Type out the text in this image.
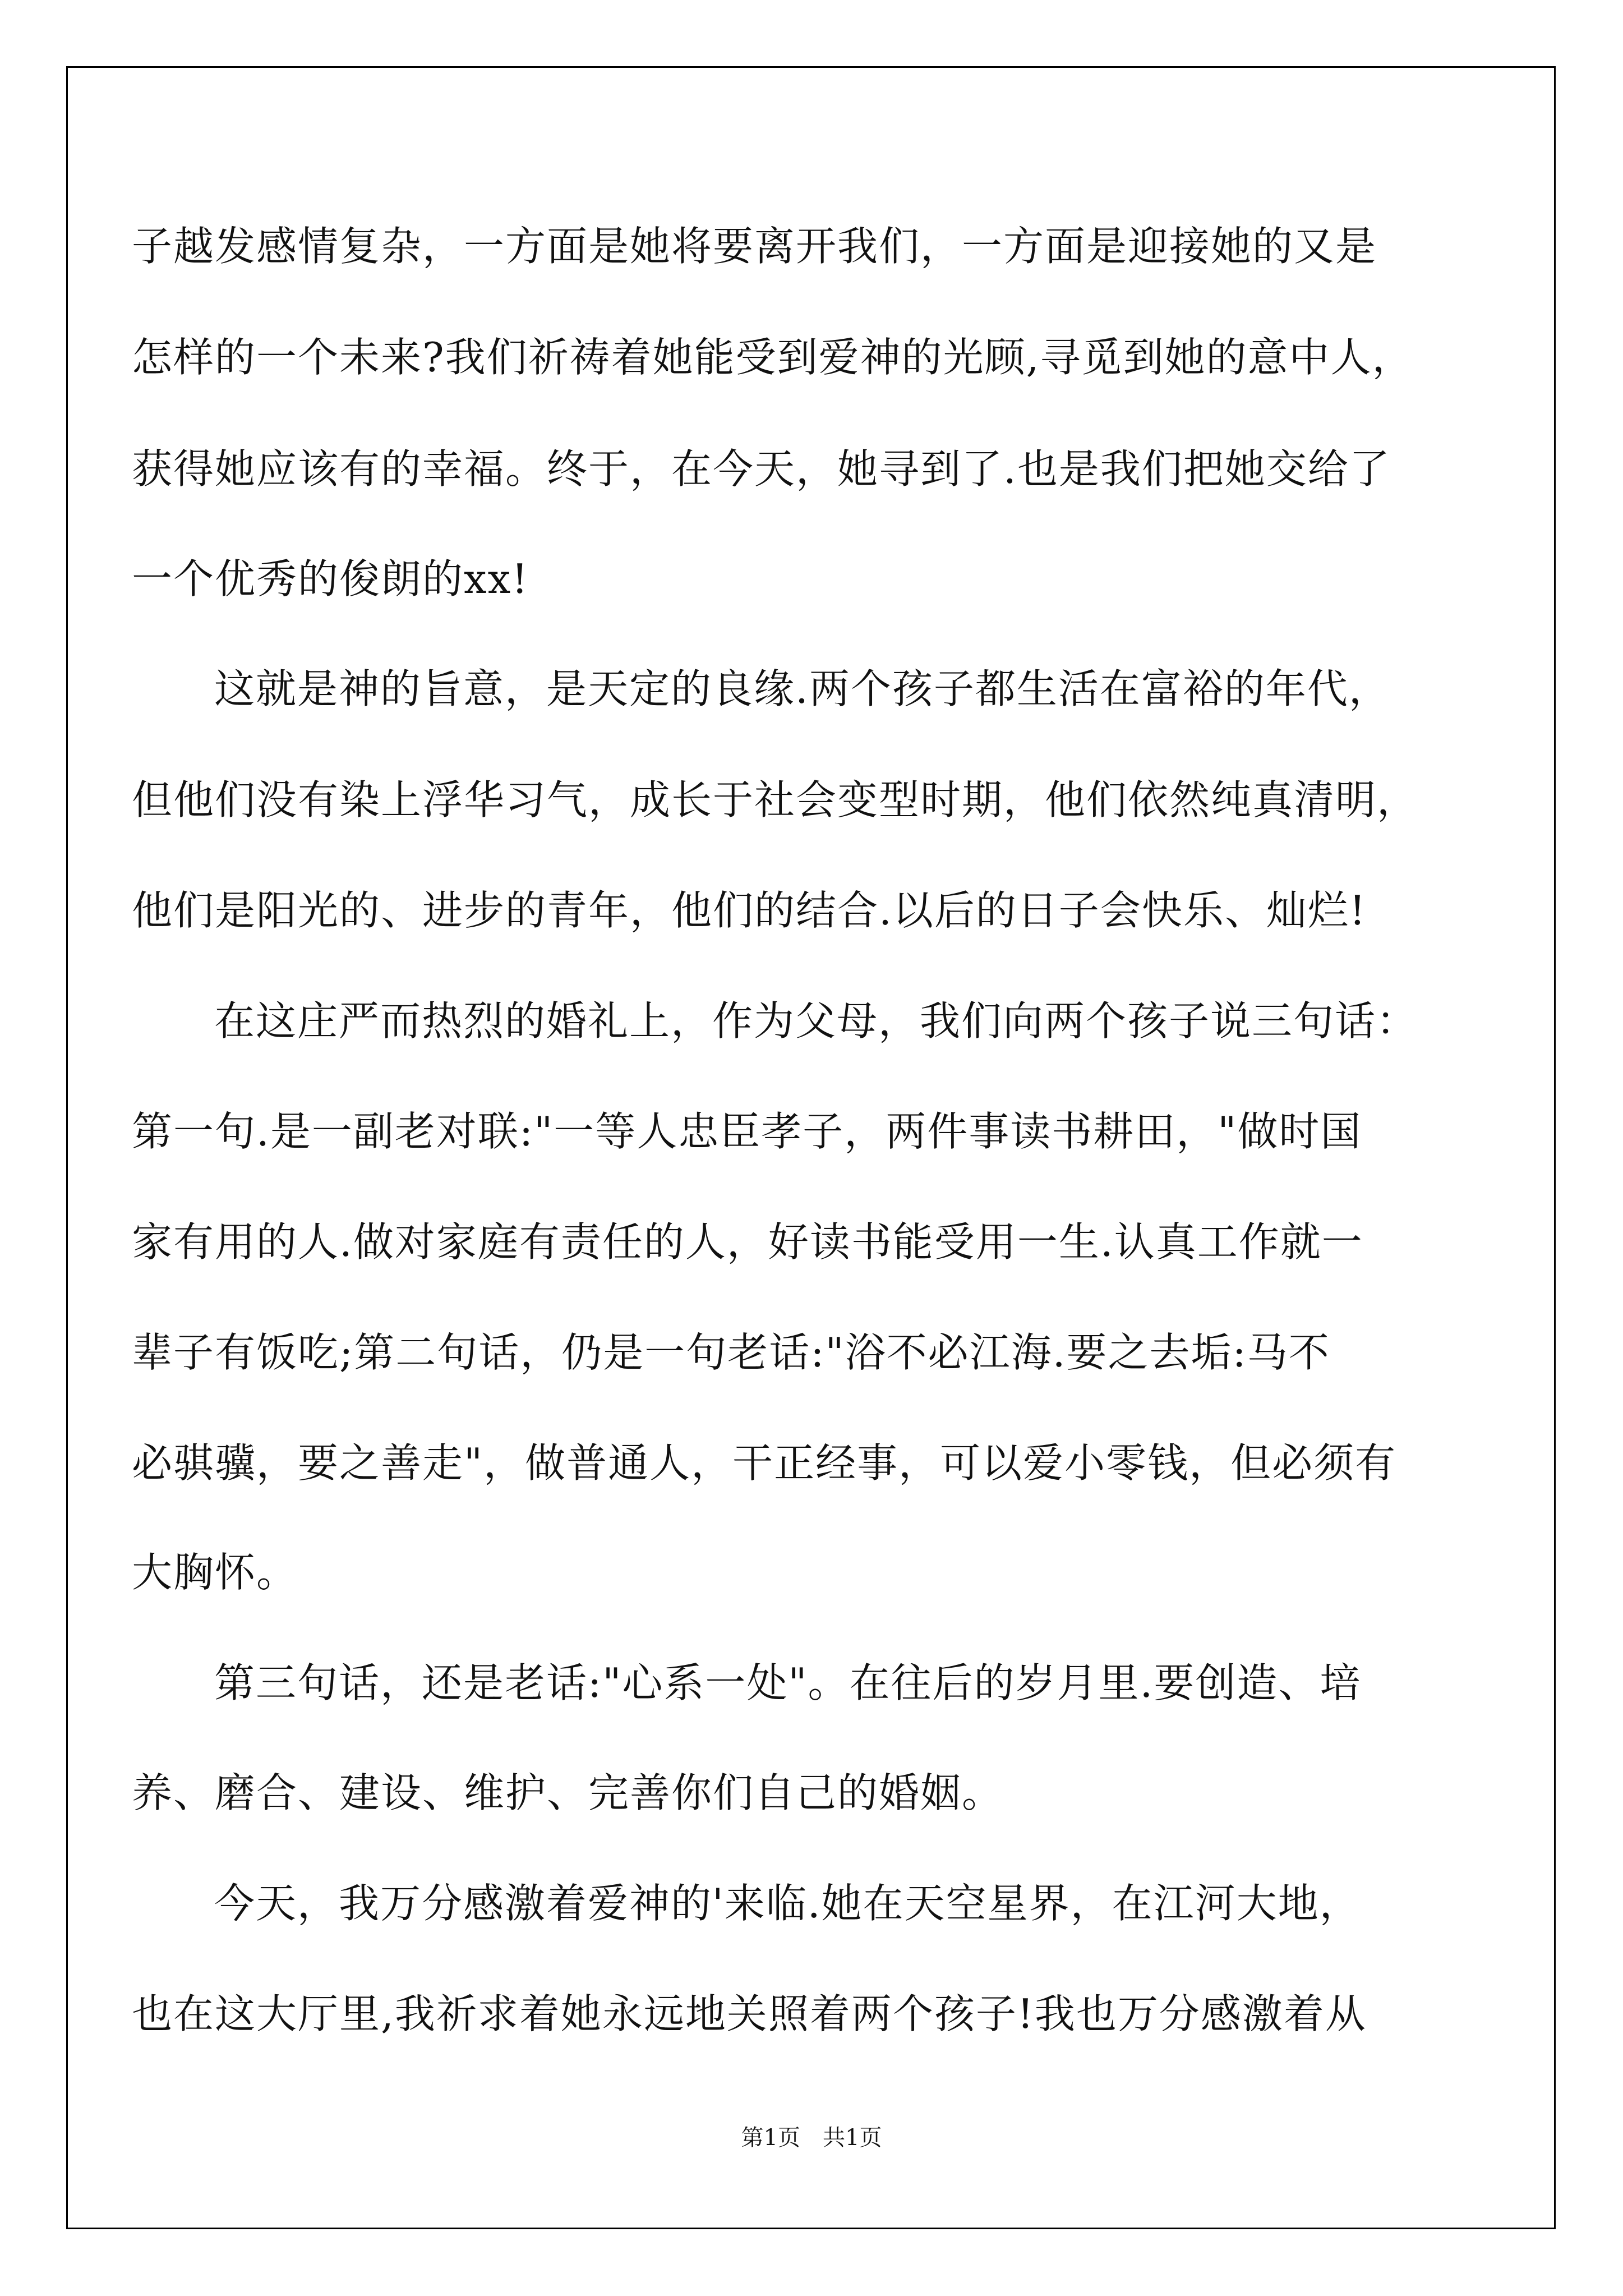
子越发感情复杂，一方面是她将要离开我们，一方面是迎接她的又是
怎样的一个未来?我们祈祷着她能受到爱神的光顾,寻觅到她的意中人，
获得她应该有的幸福。终于，在今天，她寻到了.也是我们把她交给了
一个优秀的俊朗的xx!
这就是神的旨意，是天定的良缘.两个孩子都生活在富裕的年代，
但他们没有染上浮华习气，成长于社会变型时期，他们依然纯真清明，
他们是阳光的、进步的青年，他们的结合.以后的日子会快乐、灿烂!
在这庄严而热烈的婚礼上，作为父母，我们向两个孩子说三句话：
第一句.是一副老对联:"一等人忠臣孝子，两件事读书耕田，"做时国
家有用的人.做对家庭有责任的人，好读书能受用一生.认真工作就一
辈子有饭吃;第二句话，仍是一句老话:"浴不必江海.要之去垢:马不
必骐骥，要之善走"，做普通人，干正经事，可以爱小零钱，但必须有
大胸怀。
第三句话，还是老话:"心系一处"。在往后的岁月里.要创造、培
养、磨合、建设、维护、完善你们自己的婚姻。
今天，我万分感激着爱神的'来临.她在天空星界，在江河大地，
也在这大厅里,我祈求着她永远地关照着两个孩子!我也万分感激着从
第1页　共1页
